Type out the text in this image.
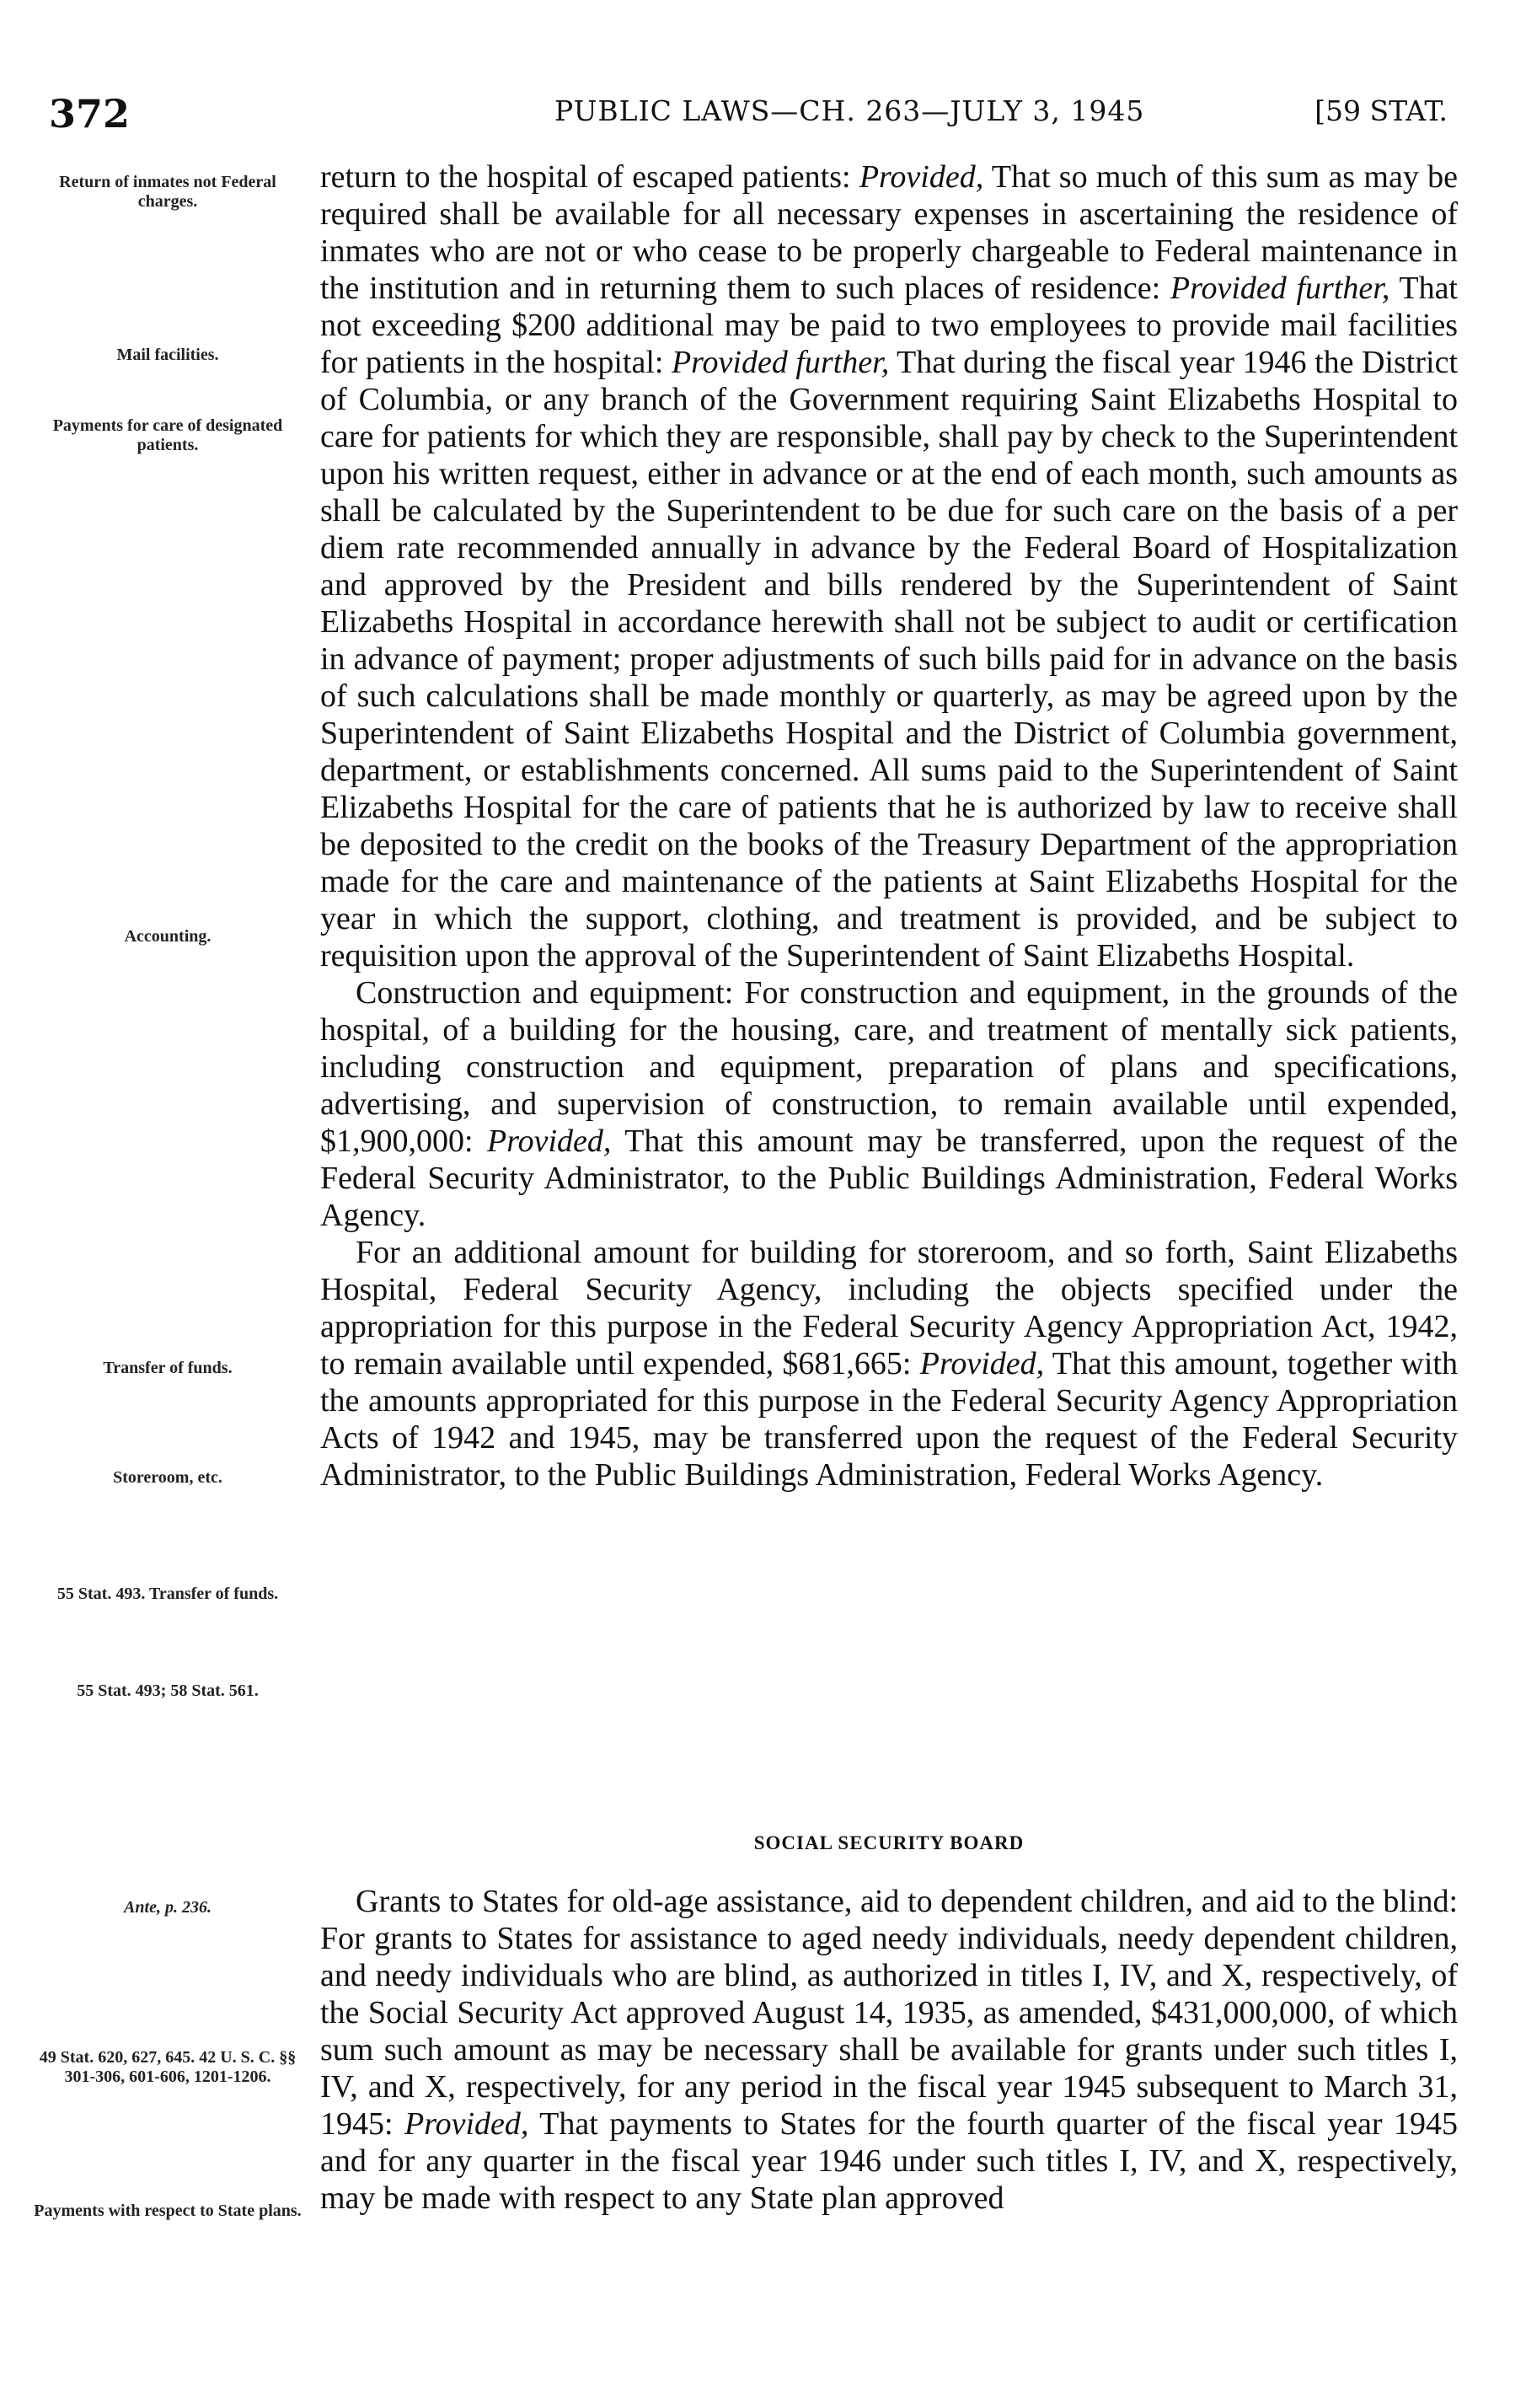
372	PUBLIC LAWS—CH. 263—JULY 3, 1945	[59 STAT.
Return of inmates not Federal charges.
Mail facilities.
Payments for care of designated patients.
Accounting.
Transfer of funds.
Storeroom, etc.
55 Stat. 493. Transfer of funds.
55 Stat. 493; 58 Stat. 561.
Ante, p. 236.
49 Stat. 620, 627, 645. 42 U. S. C. §§ 301-306, 601-606, 1201-1206.
Payments with respect to State plans.

return to the hospital of escaped patients: Provided, That so much of this sum as may be required shall be available for all necessary expenses in ascertaining the residence of inmates who are not or who cease to be properly chargeable to Federal maintenance in the institution and in returning them to such places of residence: Provided further, That not exceeding $200 additional may be paid to two employees to provide mail facilities for patients in the hospital: Provided further, That during the fiscal year 1946 the District of Columbia, or any branch of the Government requiring Saint Elizabeths Hospital to care for patients for which they are responsible, shall pay by check to the Superintendent upon his written request, either in advance or at the end of each month, such amounts as shall be calculated by the Superintendent to be due for such care on the basis of a per diem rate recommended annually in advance by the Federal Board of Hospitalization and approved by the President and bills rendered by the Superintendent of Saint Elizabeths Hospital in accordance herewith shall not be subject to audit or certification in advance of payment; proper adjustments of such bills paid for in advance on the basis of such calculations shall be made monthly or quarterly, as may be agreed upon by the Superintendent of Saint Elizabeths Hospital and the District of Columbia government, department, or establishments concerned. All sums paid to the Superintendent of Saint Elizabeths Hospital for the care of patients that he is authorized by law to receive shall be deposited to the credit on the books of the Treasury Department of the appropriation made for the care and maintenance of the patients at Saint Elizabeths Hospital for the year in which the support, clothing, and treatment is provided, and be subject to requisition upon the approval of the Superintendent of Saint Elizabeths Hospital.

Construction and equipment: For construction and equipment, in the grounds of the hospital, of a building for the housing, care, and treatment of mentally sick patients, including construction and equipment, preparation of plans and specifications, advertising, and supervision of construction, to remain available until expended, $1,900,000: Provided, That this amount may be transferred, upon the request of the Federal Security Administrator, to the Public Buildings Administration, Federal Works Agency.

For an additional amount for building for storeroom, and so forth, Saint Elizabeths Hospital, Federal Security Agency, including the objects specified under the appropriation for this purpose in the Federal Security Agency Appropriation Act, 1942, to remain available until expended, $681,665: Provided, That this amount, together with the amounts appropriated for this purpose in the Federal Security Agency Appropriation Acts of 1942 and 1945, may be transferred upon the request of the Federal Security Administrator, to the Public Buildings Administration, Federal Works Agency.

SOCIAL SECURITY BOARD

Grants to States for old-age assistance, aid to dependent children, and aid to the blind: For grants to States for assistance to aged needy individuals, needy dependent children, and needy individuals who are blind, as authorized in titles I, IV, and X, respectively, of the Social Security Act approved August 14, 1935, as amended, $431,000,000, of which sum such amount as may be necessary shall be available for grants under such titles I, IV, and X, respectively, for any period in the fiscal year 1945 subsequent to March 31, 1945: Provided, That payments to States for the fourth quarter of the fiscal year 1945 and for any quarter in the fiscal year 1946 under such titles I, IV, and X, respectively, may be made with respect to any State plan approved
